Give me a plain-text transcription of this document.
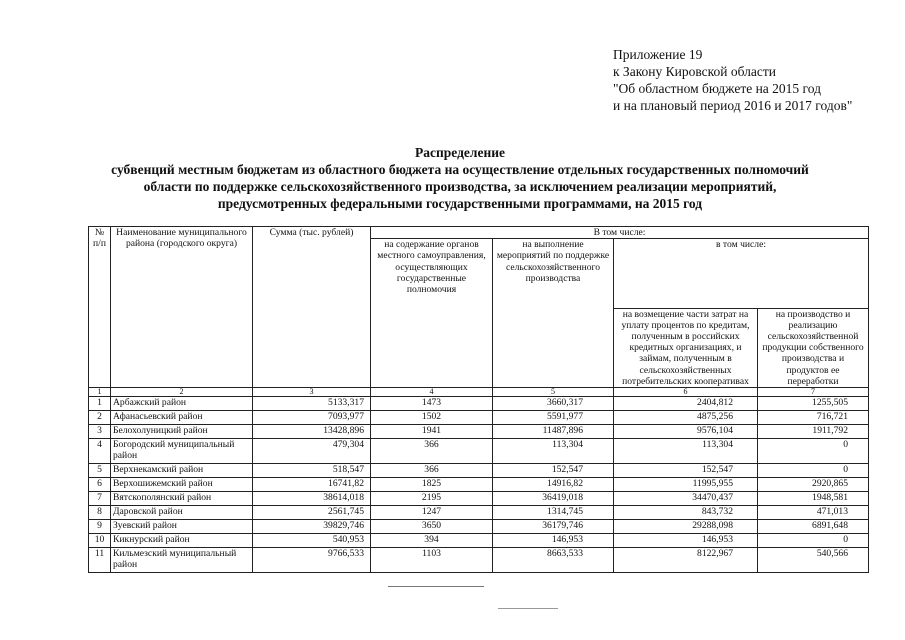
Приложение 19
к Закону Кировской области
"Об областном бюджете на 2015 год
и на плановый период 2016 и 2017 годов"
Распределение
субвенций местным бюджетам из областного бюджета на осуществление отдельных государственных полномочий
области по поддержке сельскохозяйственного производства, за исключением реализации мероприятий,
предусмотренных федеральными государственными программами, на 2015 год
№ п/п	Наименование муниципального района (городского округа)	Сумма (тыс. рублей)	В том числе:			
			на содержание органов местного самоуправления, осуществляющих государственные полномочия	на выполнение мероприятий по поддержке сельскохозяйственного производства	в том числе:	
					на возмещение части затрат на уплату процентов по кредитам, полученным в российских кредитных организациях, и займам, полученным в сельскохозяйственных потребительских кооперативах	на производство и реализацию сельскохозяйственной продукции собственного производства и продуктов ее переработки
1	2	3	4	5	6	7
1	Арбажский район	5133,317	1473	3660,317	2404,812	1255,505
2	Афанасьевский район	7093,977	1502	5591,977	4875,256	716,721
3	Белохолуницкий район	13428,896	1941	11487,896	9576,104	1911,792
4	Богородский муниципальный район	479,304	366	113,304	113,304	0
5	Верхнекамский район	518,547	366	152,547	152,547	0
6	Верхошижемский район	16741,82	1825	14916,82	11995,955	2920,865
7	Вятскополянский район	38614,018	2195	36419,018	34470,437	1948,581
8	Даровской район	2561,745	1247	1314,745	843,732	471,013
9	Зуевский район	39829,746	3650	36179,746	29288,098	6891,648
10	Кикнурский район	540,953	394	146,953	146,953	0
11	Кильмезский муниципальный район	9766,533	1103	8663,533	8122,967	540,566
